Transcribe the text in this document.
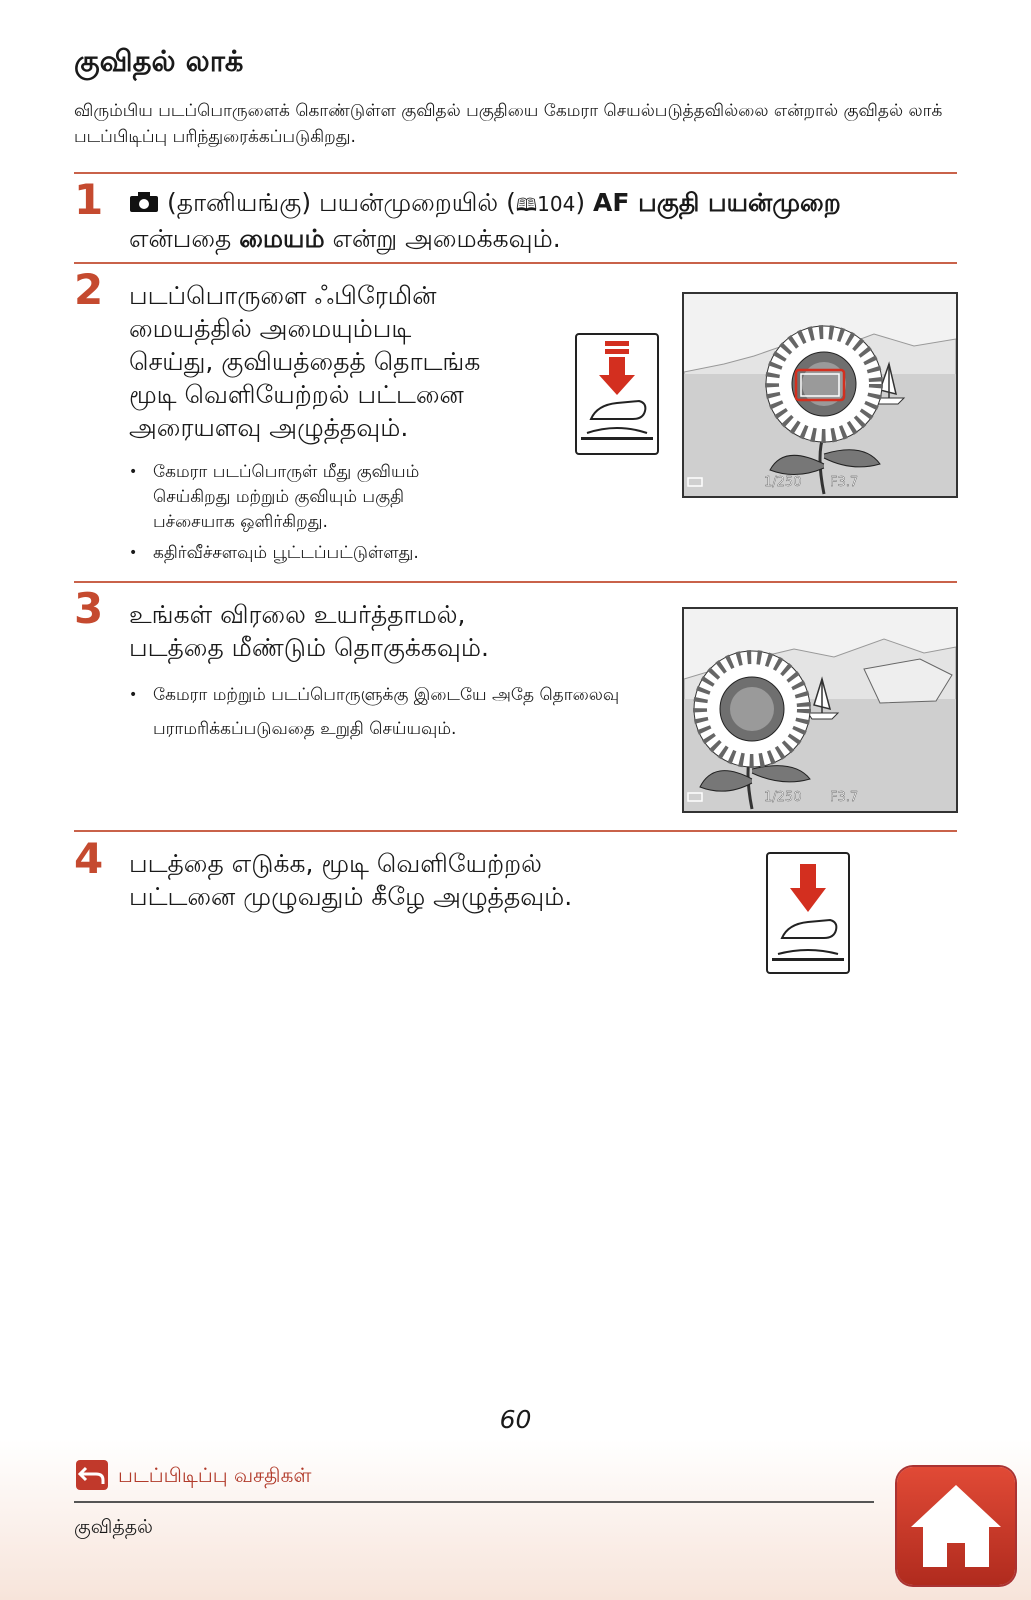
குவிதல் லாக்

விரும்பிய படப்பொருளைக் கொண்டுள்ள குவிதல் பகுதியை கேமரா செயல்படுத்தவில்லை என்றால் குவிதல் லாக் படப்பிடிப்பு பரிந்துரைக்கப்படுகிறது.

1	(தானியங்கு) பயன்முறையில் (🕮104) AF பகுதி பயன்முறை
என்பதை மையம் என்று அமைக்கவும்.
2 படப்பொருளை ஃபிரேமின்
மையத்தில் அமையும்படி
செய்து, குவியத்தைத் தொடங்க
மூடி வெளியேற்றல் பட்டனை
அரையளவு அழுத்தவும்.
• கேமரா படப்பொருள் மீது குவியம் செய்கிறது மற்றும் குவியும் பகுதி பச்சையாக ஒளிர்கிறது.
• கதிர்வீச்சளவும் பூட்டப்பட்டுள்ளது.
1/250 F3.7
3 உங்கள் விரலை உயர்த்தாமல்,
படத்தை மீண்டும் தொகுக்கவும்.
• கேமரா மற்றும் படப்பொருளுக்கு இடையே அதே தொலைவு பராமரிக்கப்படுவதை உறுதி செய்யவும்.
1/250 F3.7
4 படத்தை எடுக்க, மூடி வெளியேற்றல்
பட்டனை முழுவதும் கீழே அழுத்தவும்.
60
படப்பிடிப்பு வசதிகள்
குவித்தல்
